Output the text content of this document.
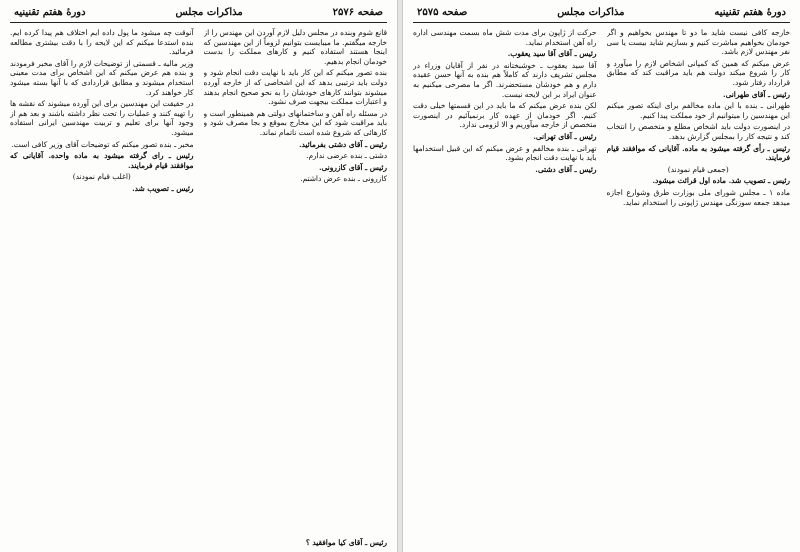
صفحه ۲۵۷۶
مذاکرات مجلس
دورهٔ هفتم تقنینیه

قانع شوم وبنده در مجلس دلیل لازم آوردن این مهندس را از خارجه میگفتم. ما میبایست بتوانیم لزوماً از این مهندسین که اینجا هستند استفاده کنیم و کارهای مملکت را بدست خودمان انجام بدهیم.

بنده تصور میکنم که این کار باید با نهایت دقت انجام شود و دولت باید ترتیبی بدهد که این اشخاصی که از خارجه آورده میشوند بتوانند کارهای خودشان را به نحو صحیح انجام بدهند و اعتبارات مملکت بیجهت صرف نشود.

در مسئله راه آهن و ساختمانهای دولتی هم همینطور است و باید مراقبت شود که این مخارج بموقع و بجا مصرف شود و کارهائی که شروع شده است ناتمام نماند.

رئیس ـ آقای دشتی بفرمائید.

دشتی ـ بنده عرضی ندارم.

رئیس ـ آقای کازرونی.

کازرونی ـ بنده عرض داشتم.

آنوقت چه میشود ما پول داده ایم اختلاف هم پیدا کرده ایم. بنده استدعا میکنم که این لایحه را با دقت بیشتری مطالعه فرمائید.

وزیر مالیه ـ قسمتی از توضیحات لازم را آقای مخبر فرمودند و بنده هم عرض میکنم که این اشخاص برای مدت معینی استخدام میشوند و مطابق قراردادی که با آنها بسته میشود کار خواهند کرد.

در حقیقت این مهندسین برای این آورده میشوند که نقشه ها را تهیه کنند و عملیات را تحت نظر داشته باشند و بعد هم از وجود آنها برای تعلیم و تربیت مهندسین ایرانی استفاده میشود.

مخبر ـ بنده تصور میکنم که توضیحات آقای وزیر کافی است.

رئیس ـ رای گرفته میشود به ماده واحده. آقایانی که موافقند قیام فرمایند.

(اغلب قیام نمودند)

رئیس ـ تصویب شد.

رئیس ـ آقای کیا موافقید ؟
دورهٔ هفتم تقنینیه
مذاکرات مجلس
صفحه ۲۵۷۵

خارجه کافی نیست شاید ما دو تا مهندس بخواهیم و اگر خودمان بخواهیم مباشرت کنیم و بسازیم شاید بیست یا سی نفر مهندس لازم باشد.

عرض میکنم که همین که کمپانی اشخاص لازم را میآورد و کار را شروع میکند دولت هم باید مراقبت کند که مطابق قرارداد رفتار شود.

رئیس ـ آقای طهرانی.

طهرانی ـ بنده با این ماده مخالفم برای اینکه تصور میکنم این مهندسین را میتوانیم از خود مملکت پیدا کنیم.

در اینصورت دولت باید اشخاص مطلع و متخصص را انتخاب کند و نتیجه کار را بمجلس گزارش بدهد.

رئیس ـ رأی گرفته میشود به ماده. آقایانی که موافقند قیام فرمایند.

(جمعی قیام نمودند)

رئیس ـ تصویب شد. ماده اول قرائت میشود.

ماده ۱ ـ مجلس شورای ملی بوزارت طرق وشوارع اجازه میدهد جمعه سوزنگی مهندس ژاپونی را استخدام نماید.

حرکت از ژاپون برای مدت شش ماه بسمت مهندسی اداره راه آهن استخدام نماید.

رئیس ـ آقای آقا سید یعقوب.

آقا سید یعقوب ـ خوشبختانه در نفر از آقایان وزراء در مجلس تشریف دارند که کاملاً هم بنده به آنها حسن عقیده دارم و هم خودشان مستحضرند. اگر ما مصرحی میکنیم به عنوان ایراد بر این لایحه نیست.

لکن بنده عرض میکنم که ما باید در این قسمتها خیلی دقت کنیم. اگر خودمان از عهده کار برنمیآئیم در اینصورت متخصص از خارجه میآوریم و الا لزومی ندارد.

رئیس ـ آقای تهرانی.

تهرانی ـ بنده مخالفم و عرض میکنم که این قبیل استخدامها باید با نهایت دقت انجام بشود.

رئیس ـ آقای دشتی.
